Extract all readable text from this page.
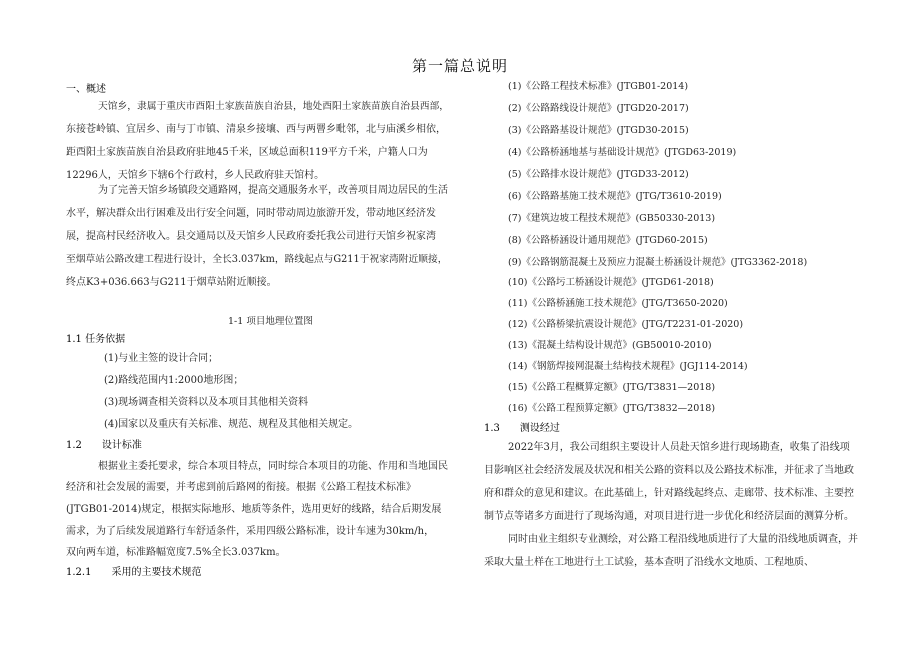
第一篇总说明
一、概述
天馆乡，隶属于重庆市酉阳土家族苗族自治县，地处酉阳土家族苗族自治县西部，
东接苍岭镇、宜居乡、南与丁市镇、清泉乡接壤、西与两罾乡毗邻，北与庙溪乡相依，
距酉阳土家族苗族自治县政府驻地45千米，区域总面积119平方千米，户籍人口为
12296人，天馆乡下辖6个行政村，乡人民政府驻天馆村。
为了完善天馆乡场镇段交通路网，提高交通服务水平，改善项目周边居民的生活
水平，解决群众出行困难及出行安全问题，同时带动周边旅游开发，带动地区经济发
展，提高村民经济收入。县交通局以及天馆乡人民政府委托我公司进行天馆乡祝家湾
至烟草站公路改建工程进行设计，全长3.037km，路线起点与G211于祝家湾附近顺接，
终点K3+036.663与G211于烟草站附近顺接。
1-1 项目地理位置图
1.1 任务依据
(1)与业主签的设计合同；
(2)路线范围内1:2000地形图；
(3)现场调查相关资料以及本项目其他相关资料
(4)国家以及重庆有关标准、规范、规程及其他相关规定。
1.2　　设计标准
根据业主委托要求，综合本项目特点，同时综合本项目的功能、作用和当地国民
经济和社会发展的需要，并考虑到前后路网的衔接。根据《公路工程技术标准》
(JTGB01-2014)规定，根据实际地形、地质等条件，选用更好的线路，结合后期发展
需求，为了后续发展道路行车舒适条件，采用四级公路标准，设计车速为30km/h，
双向两车道，标准路幅宽度7.5%全长3.037km。
1.2.1　　采用的主要技术规范
(1)《公路工程技术标准》(JTGB01-2014)
(2)《公路路线设计规范》(JTGD20-2017)
(3)《公路路基设计规范》(JTGD30-2015)
(4)《公路桥涵地基与基础设计规范》(JTGD63-2019)
(5)《公路排水设计规范》(JTGD33-2012)
(6)《公路路基施工技术规范》(JTG/T3610-2019)
(7)《建筑边坡工程技术规范》(GB50330-2013)
(8)《公路桥涵设计通用规范》(JTGD60-2015)
(9)《公路钢筋混凝土及预应力混凝土桥涵设计规范》(JTG3362-2018)
(10)《公路圬工桥涵设计规范》(JTGD61-2018)
(11)《公路桥涵施工技术规范》(JTG/T3650-2020)
(12)《公路桥梁抗震设计规范》(JTG/T2231-01-2020)
(13)《混凝土结构设计规范》(GB50010-2010)
(14)《钢筋焊接网混凝土结构技术规程》(JGJ114-2014)
(15)《公路工程概算定额》(JTG/T3831—2018)
(16)《公路工程预算定额》(JTG/T3832—2018)
1.3　　测设经过
2022年3月，我公司组织主要设计人员赴天馆乡进行现场勘查，收集了沿线项
目影响区社会经济发展及状况和相关公路的资料以及公路技术标准，并征求了当地政
府和群众的意见和建议。在此基础上，针对路线起终点、走廊带、技术标准、主要控
制节点等诸多方面进行了现场沟通，对项目进行进一步优化和经济层面的测算分析。
同时由业主组织专业测绘，对公路工程沿线地质进行了大量的沿线地质调查，并
采取大量土样在工地进行土工试验，基本查明了沿线水文地质、工程地质、
